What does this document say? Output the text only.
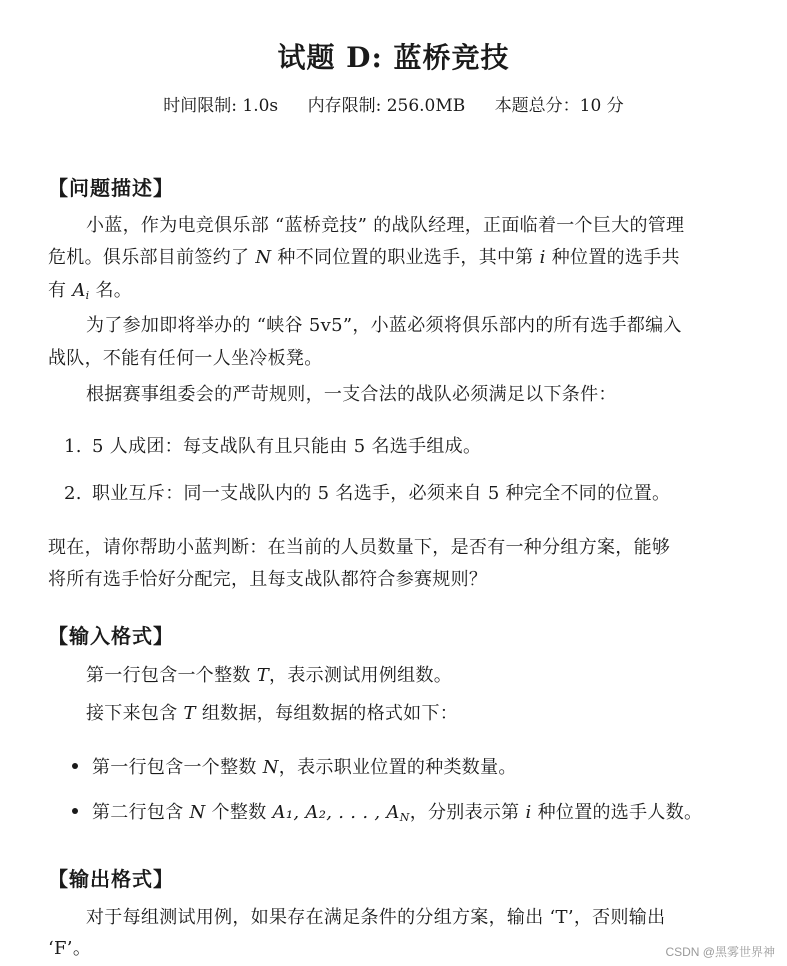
试题 D: 蓝桥竞技
时间限制: 1.0s 内存限制: 256.0MB 本题总分：10 分
【问题描述】
小蓝，作为电竞俱乐部 “蓝桥竞技” 的战队经理，正面临着一个巨大的管理
危机。俱乐部目前签约了 N 种不同位置的职业选手，其中第 i 种位置的选手共
有 $A_i$ 名。
为了参加即将举办的 “峡谷 5v5”，小蓝必须将俱乐部内的所有选手都编入
战队，不能有任何一人坐冷板凳。
根据赛事组委会的严苛规则，一支合法的战队必须满足以下条件：
1. 5 人成团：每支战队有且只能由 5 名选手组成。
2. 职业互斥：同一支战队内的 5 名选手，必须来自 5 种完全不同的位置。
现在，请你帮助小蓝判断：在当前的人员数量下，是否有一种分组方案，能够
将所有选手恰好分配完，且每支战队都符合参赛规则？
【输入格式】
第一行包含一个整数 T，表示测试用例组数。
接下来包含 T 组数据，每组数据的格式如下：
第一行包含一个整数 N，表示职业位置的种类数量。
第二行包含 N 个整数 A₁, A₂, . . . , $A_N$，分别表示第 i 种位置的选手人数。
【输出格式】
对于每组测试用例，如果存在满足条件的分组方案，输出 ‘T’，否则输出
‘F’。	CSDN @黑雾世界神
